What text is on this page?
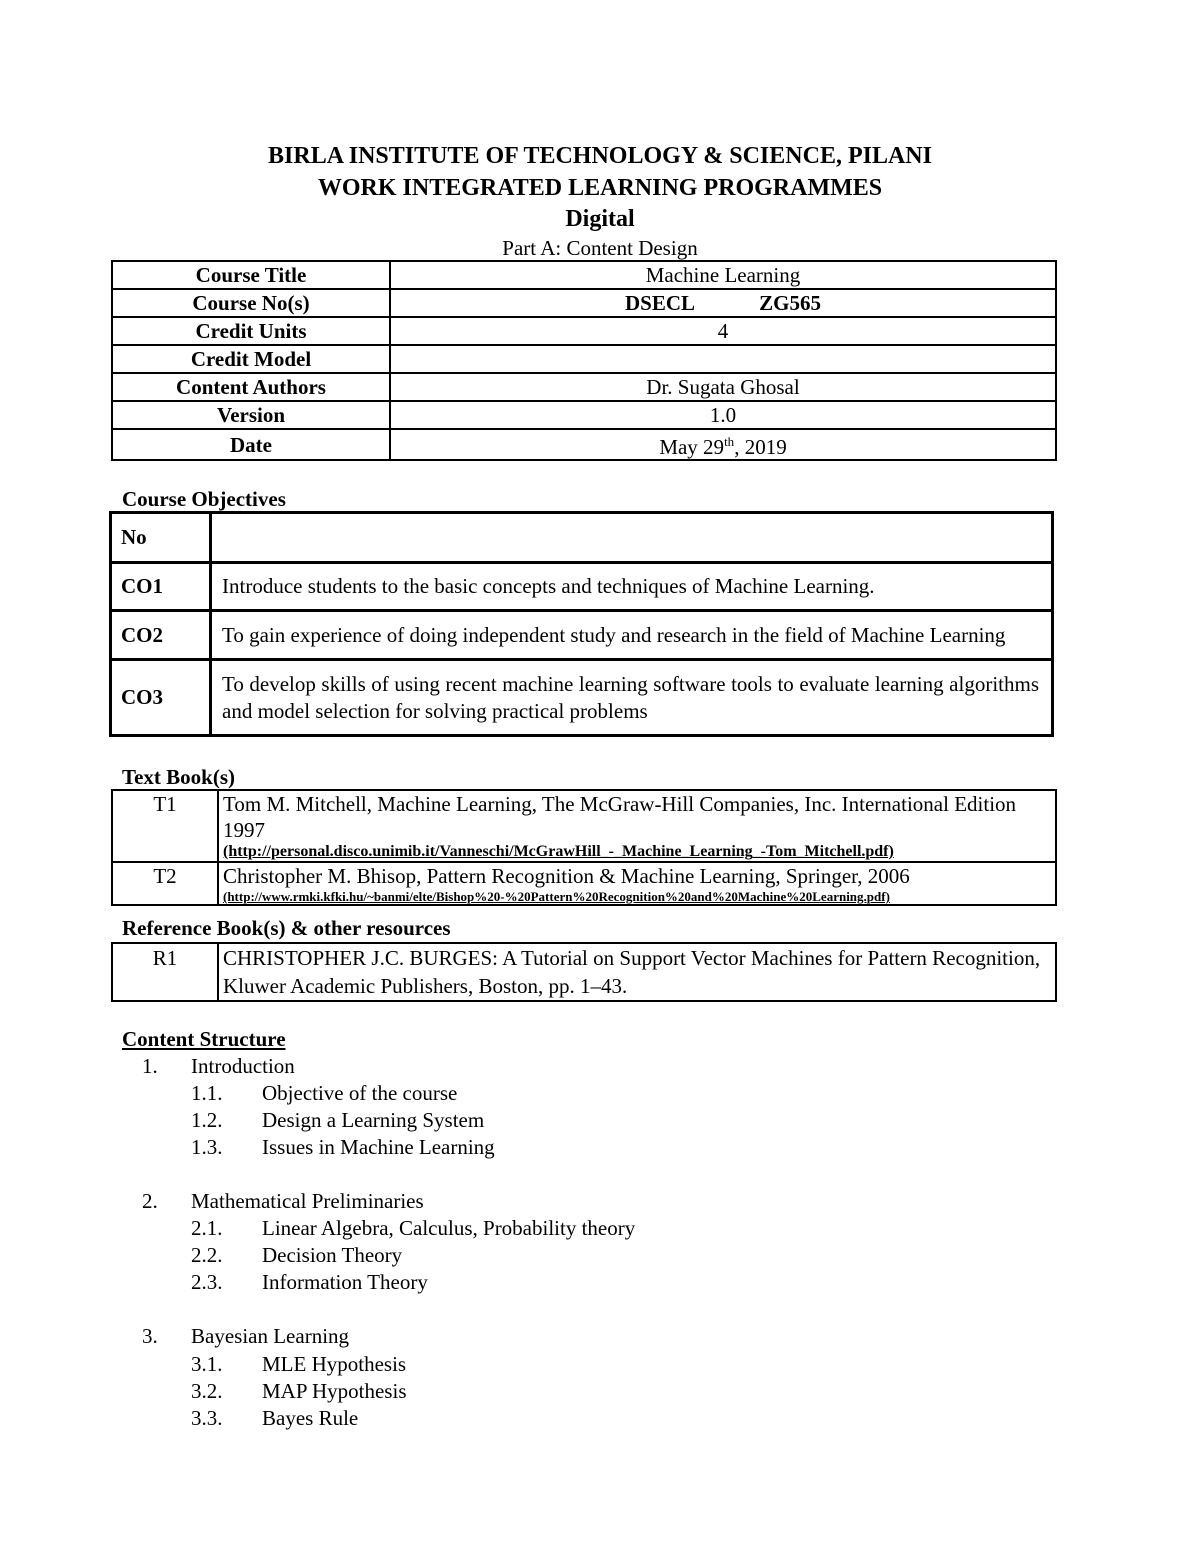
BIRLA INSTITUTE OF TECHNOLOGY & SCIENCE, PILANI
WORK INTEGRATED LEARNING PROGRAMMES
Digital
Part A: Content Design
Course Title	Machine Learning
Course No(s)	DSECL ZG565
Credit Units	4
Credit Model	
Content Authors	Dr. Sugata Ghosal
Version	1.0
Date	May 29th, 2019
Course Objectives
No	
CO1	Introduce students to the basic concepts and techniques of Machine Learning.
CO2	To gain experience of doing independent study and research in the field of Machine Learning
CO3	To develop skills of using recent machine learning software tools to evaluate learning algorithms and model selection for solving practical problems
Text Book(s)
T1	Tom M. Mitchell, Machine Learning, The McGraw-Hill Companies, Inc. International Edition 1997
(http://personal.disco.unimib.it/Vanneschi/McGrawHill_-_Machine_Learning_-Tom_Mitchell.pdf)

T2	Christopher M. Bhisop, Pattern Recognition & Machine Learning, Springer, 2006
(http://www.rmki.kfki.hu/~banmi/elte/Bishop%20-%20Pattern%20Recognition%20and%20Machine%20Learning.pdf)
Reference Book(s) & other resources
R1	CHRISTOPHER J.C. BURGES: A Tutorial on Support Vector Machines for Pattern Recognition, Kluwer Academic Publishers, Boston, pp. 1–43.
Content Structure
1. Introduction
1.1. Objective of the course
1.2. Design a Learning System
1.3. Issues in Machine Learning
2. Mathematical Preliminaries
2.1. Linear Algebra, Calculus, Probability theory
2.2. Decision Theory
2.3. Information Theory
3. Bayesian Learning
3.1. MLE Hypothesis
3.2. MAP Hypothesis
3.3. Bayes Rule
